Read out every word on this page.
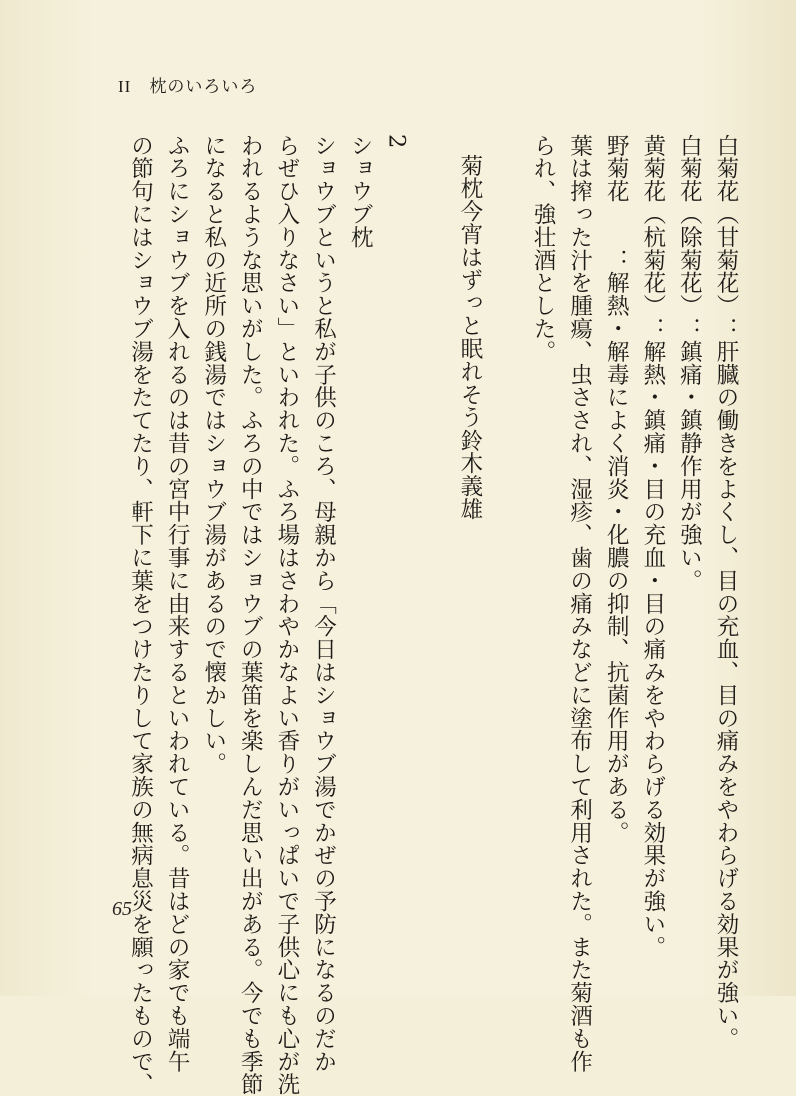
II 枕のいろいろ
白菊花（甘菊花）：肝臓の働きをよくし、目の充血、目の痛みをやわらげる効果が強い。
白菊花（除菊花）：鎮痛・鎮静作用が強い。
黄菊花（杭菊花）：解熱・鎮痛・目の充血・目の痛みをやわらげる効果が強い。
野菊花　　：解熱・解毒によく消炎・化膿の抑制、抗菌作用がある。
葉は搾った汁を腫瘍、虫さされ、湿疹、歯の痛みなどに塗布して利用された。また菊酒も作
られ、強壮酒とした。
菊枕今宵はずっと眠れそう鈴木義雄
2
ショウブ枕
ショウブというと私が子供のころ、母親から「今日はショウブ湯でかぜの予防になるのだか
らぜひ入りなさい」といわれた。ふろ場はさわやかなよい香りがいっぱいで子供心にも心が洗
われるような思いがした。ふろの中ではショウブの葉笛を楽しんだ思い出がある。今でも季節
になると私の近所の銭湯ではショウブ湯があるので懐かしい。
ふろにショウブを入れるのは昔の宮中行事に由来するといわれている。昔はどの家でも端午
の節句にはショウブ湯をたてたり、軒下に葉をつけたりして家族の無病息災を願ったもので、
65
